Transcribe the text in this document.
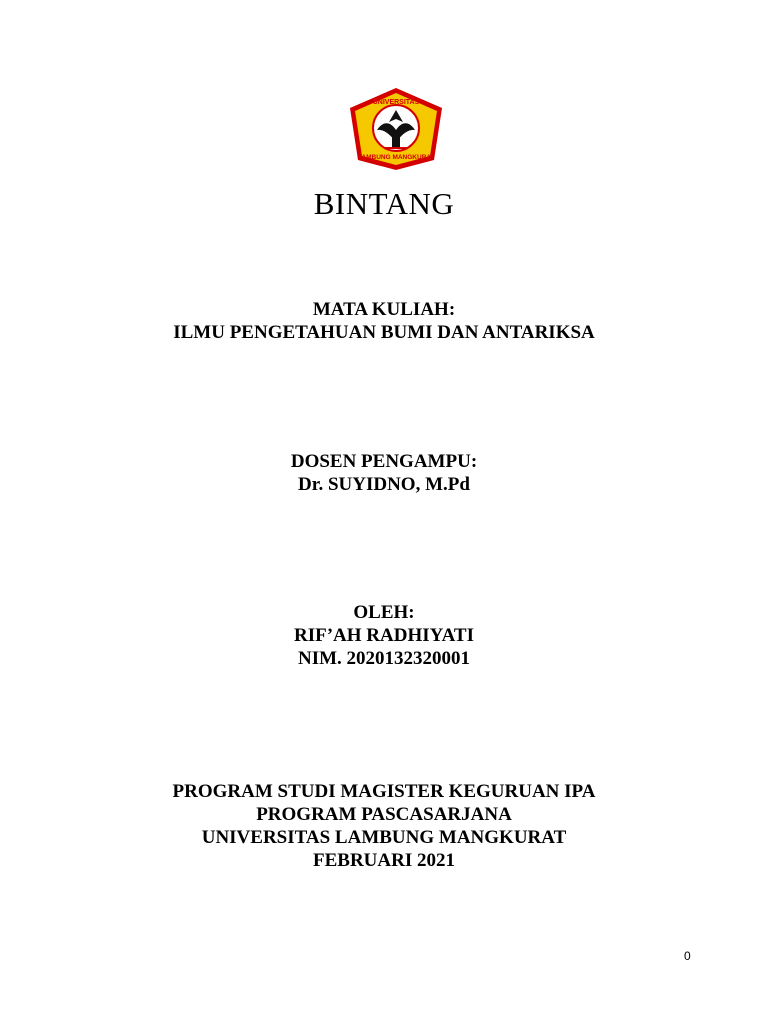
UNIVERSITAS
LAMBUNG MANGKURAT
BINTANG
MATA KULIAH:
ILMU PENGETAHUAN BUMI DAN ANTARIKSA
DOSEN PENGAMPU:
Dr. SUYIDNO, M.Pd
OLEH:
RIF’AH RADHIYATI
NIM. 2020132320001
PROGRAM STUDI MAGISTER KEGURUAN IPA
PROGRAM PASCASARJANA
UNIVERSITAS LAMBUNG MANGKURAT
FEBRUARI 2021
0
